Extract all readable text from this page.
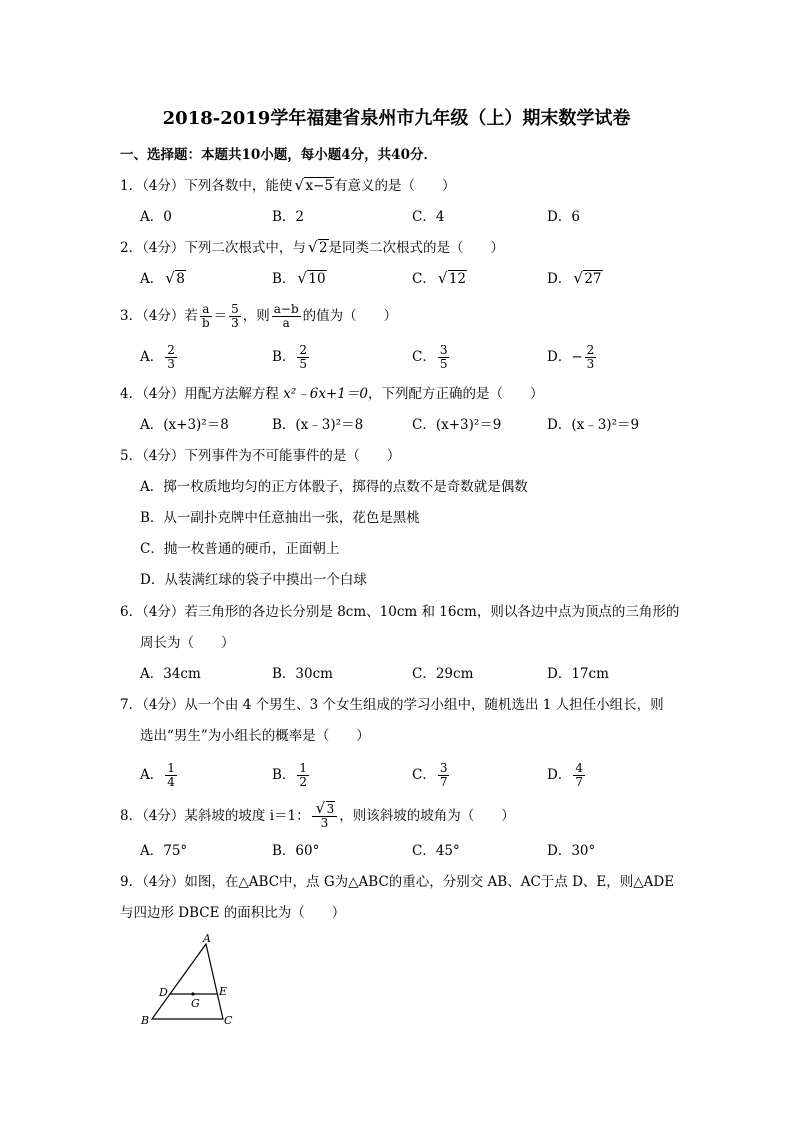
2018-2019学年福建省泉州市九年级（上）期末数学试卷
一、选择题：本题共10小题，每小题4分，共40分．
1．（4分）下列各数中，能使 √ x−5有意义的是（　　）
A．0	B．2	C．4	D．6
2．（4分）下列二次根式中，与 √ 2是同类二次根式的是（　　）
A． √ 8	B． √ 10	C． √ 12	D． √ 27
3．（4分）若 $\frac{a}{b} = \frac{5}{3}$ ，则 $\frac{a-b}{a}$ 的值为（　　）
A． $\frac{2}{3}$	B． $\frac{2}{5}$	C． $\frac{3}{5}$	D．− $\frac{2}{3}$
4．（4分）用配方法解方程 x²﹣6x+1＝0，下列配方正确的是（　　）
A．(x+3)²＝8	B．(x﹣3)²＝8	C．(x+3)²＝9	D．(x﹣3)²＝9
5．（4分）下列事件为不可能事件的是（　　）
A．掷一枚质地均匀的正方体骰子，掷得的点数不是奇数就是偶数
B．从一副扑克牌中任意抽出一张，花色是黑桃
C．抛一枚普通的硬币，正面朝上
D．从装满红球的袋子中摸出一个白球
6．（4分）若三角形的各边长分别是 8cm、10cm 和 16cm，则以各边中点为顶点的三角形的
周长为（　　）
A．34cm	B．30cm	C．29cm	D．17cm
7．（4分）从一个由 4 个男生、3 个女生组成的学习小组中，随机选出 1 人担任小组长，则
选出“男生”为小组长的概率是（　　）
A． $\frac{1}{4}$	B． $\frac{1}{2}$	C． $\frac{3}{7}$	D． $\frac{4}{7}$
8．（4分）某斜坡的坡度 i＝1： $\frac{√ 3}{3}$ ，则该斜坡的坡角为（　　）
A．75°	B．60°	C．45°	D．30°
9．（4分）如图，在△ABC中，点 G为△ABC的重心，分别交 AB、AC于点 D、E，则△ADE
与四边形 DBCE 的面积比为（　　）
A
D	E
G
B	C
